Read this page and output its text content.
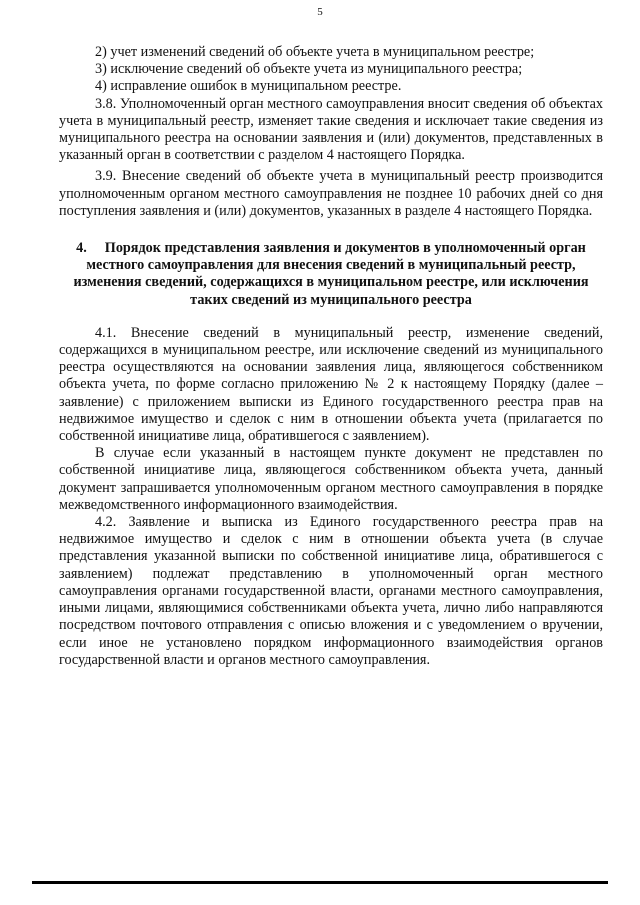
5

2) учет изменений сведений об объекте учета в муниципальном реестре;

3) исключение сведений об объекте учета из муниципального реестра;

4) исправление ошибок в муниципальном реестре.

3.8. Уполномоченный орган местного самоуправления вносит сведения об объектах учета в муниципальный реестр, изменяет такие сведения и исключает такие сведения из муниципального реестра на основании заявления и (или) документов, представленных в указанный орган в соответствии с разделом 4 настоящего Порядка.

3.9. Внесение сведений об объекте учета в муниципальный реестр производится уполномоченным органом местного самоуправления не позднее 10 рабочих дней со дня поступления заявления и (или) документов, указанных в разделе 4 настоящего Порядка.

4. Порядок представления заявления и документов в уполномоченный орган местного самоуправления для внесения сведений в муниципальный реестр, изменения сведений, содержащихся в муниципальном реестре, или исключения таких сведений из муниципального реестра

4.1. Внесение сведений в муниципальный реестр, изменение сведений, содержащихся в муниципальном реестре, или исключение сведений из муниципального реестра осуществляются на основании заявления лица, являющегося собственником объекта учета, по форме согласно приложению № 2 к настоящему Порядку (далее – заявление) с приложением выписки из Единого государственного реестра прав на недвижимое имущество и сделок с ним в отношении объекта учета (прилагается по собственной инициативе лица, обратившегося с заявлением).

В случае если указанный в настоящем пункте документ не представлен по собственной инициативе лица, являющегося собственником объекта учета, данный документ запрашивается уполномоченным органом местного самоуправления в порядке межведомственного информационного взаимодействия.

4.2. Заявление и выписка из Единого государственного реестра прав на недвижимое имущество и сделок с ним в отношении объекта учета (в случае представления указанной выписки по собственной инициативе лица, обратившегося с заявлением) подлежат представлению в уполномоченный орган местного самоуправления органами государственной власти, органами местного самоуправления, иными лицами, являющимися собственниками объекта учета, лично либо направляются посредством почтового отправления с описью вложения и с уведомлением о вручении, если иное не установлено порядком информационного взаимодействия органов государственной власти и органов местного самоуправления.
